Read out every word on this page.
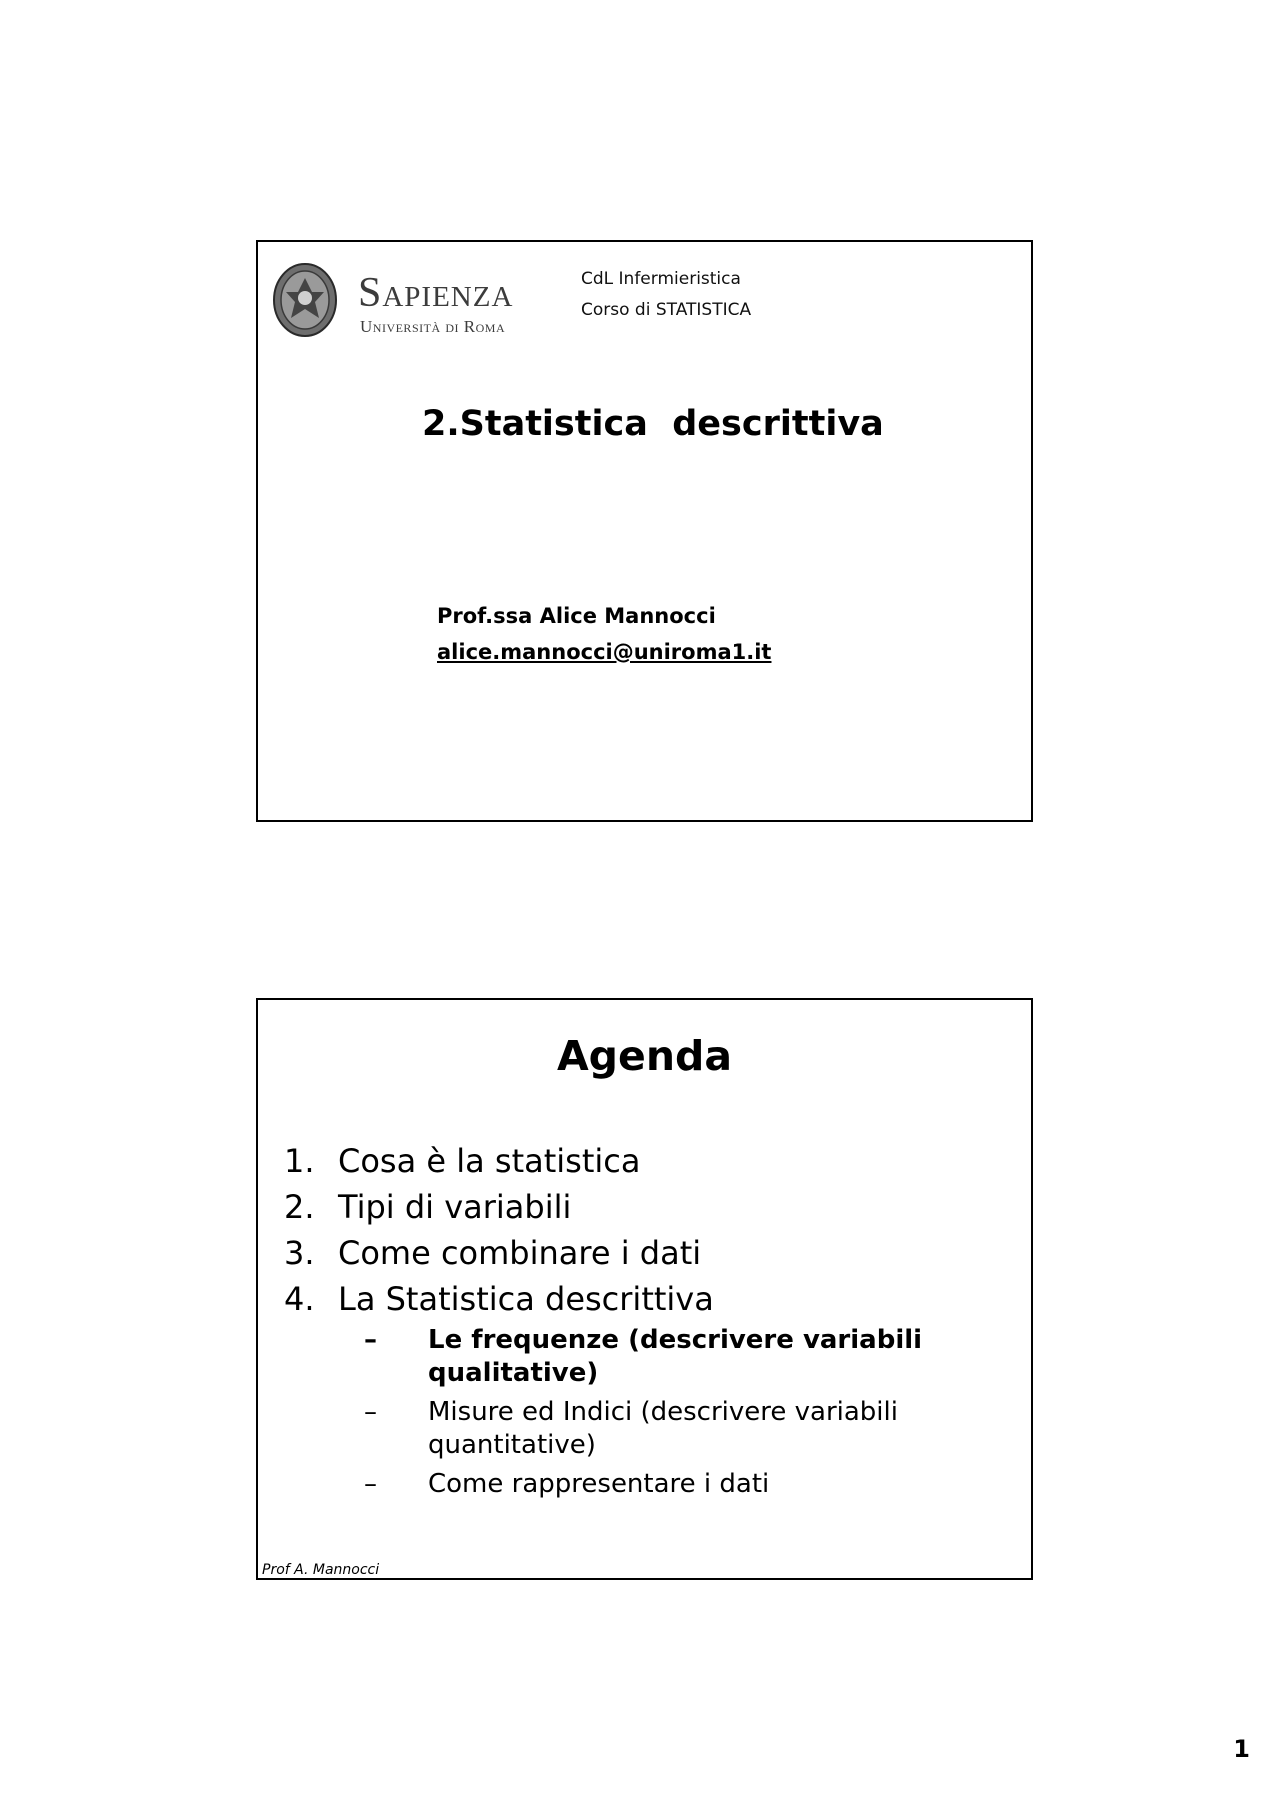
Sapienza
Università di Roma
CdL Infermieristica
Corso di STATISTICA
2.Statistica  descrittiva
Prof.ssa Alice Mannocci
alice.mannocci@uniroma1.it
Agenda
1. Cosa è la statistica
2. Tipi di variabili
3. Come combinare i dati
4. La Statistica descrittiva
–	Le frequenze (descrivere variabili qualitative)
–	Misure ed Indici (descrivere variabili quantitative)
–	Come rappresentare i dati
Prof A. Mannocci
1
